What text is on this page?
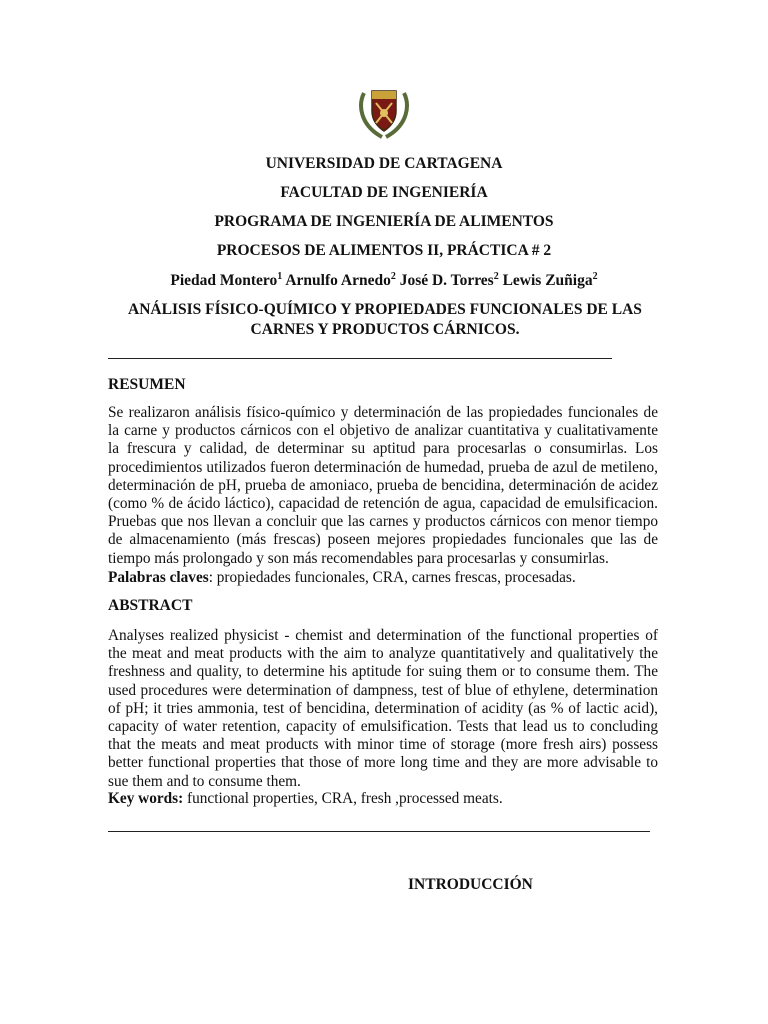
UNIVERSIDAD DE CARTAGENA
FACULTAD DE INGENIERÍA
PROGRAMA DE INGENIERÍA DE ALIMENTOS
PROCESOS DE ALIMENTOS II, PRÁCTICA # 2
Piedad Montero$^1$ Arnulfo Arnedo$^2$ José D. Torres$^2$ Lewis Zuñiga$^2$
ANÁLISIS FÍSICO-QUÍMICO Y PROPIEDADES FUNCIONALES DE LAS CARNES Y PRODUCTOS CÁRNICOS.
RESUMEN
Se realizaron análisis físico-químico y determinación de las propiedades funcionales de la carne y productos cárnicos con el objetivo de analizar cuantitativa y cualitativamente la frescura y calidad, de determinar su aptitud para procesarlas o consumirlas. Los procedimientos utilizados fueron determinación de humedad, prueba de azul de metileno, determinación de pH, prueba de amoniaco, prueba de bencidina, determinación de acidez (como % de ácido láctico), capacidad de retención de agua, capacidad de emulsificacion. Pruebas que nos llevan a concluir que las carnes y productos cárnicos con menor tiempo de almacenamiento (más frescas) poseen mejores propiedades funcionales que las de tiempo más prolongado y son más recomendables para procesarlas y consumirlas.
Palabras claves: propiedades funcionales, CRA, carnes frescas, procesadas.
ABSTRACT
Analyses realized physicist - chemist and determination of the functional properties of the meat and meat products with the aim to analyze quantitatively and qualitatively the freshness and quality, to determine his aptitude for suing them or to consume them. The used procedures were determination of dampness, test of blue of ethylene, determination of pH; it tries ammonia, test of bencidina, determination of acidity (as % of lactic acid), capacity of water retention, capacity of emulsification. Tests that lead us to concluding that the meats and meat products with minor time of storage (more fresh airs) possess better functional properties that those of more long time and they are more advisable to sue them and to consume them.
Key words: functional properties, CRA, fresh ,processed meats.
INTRODUCCIÓN
